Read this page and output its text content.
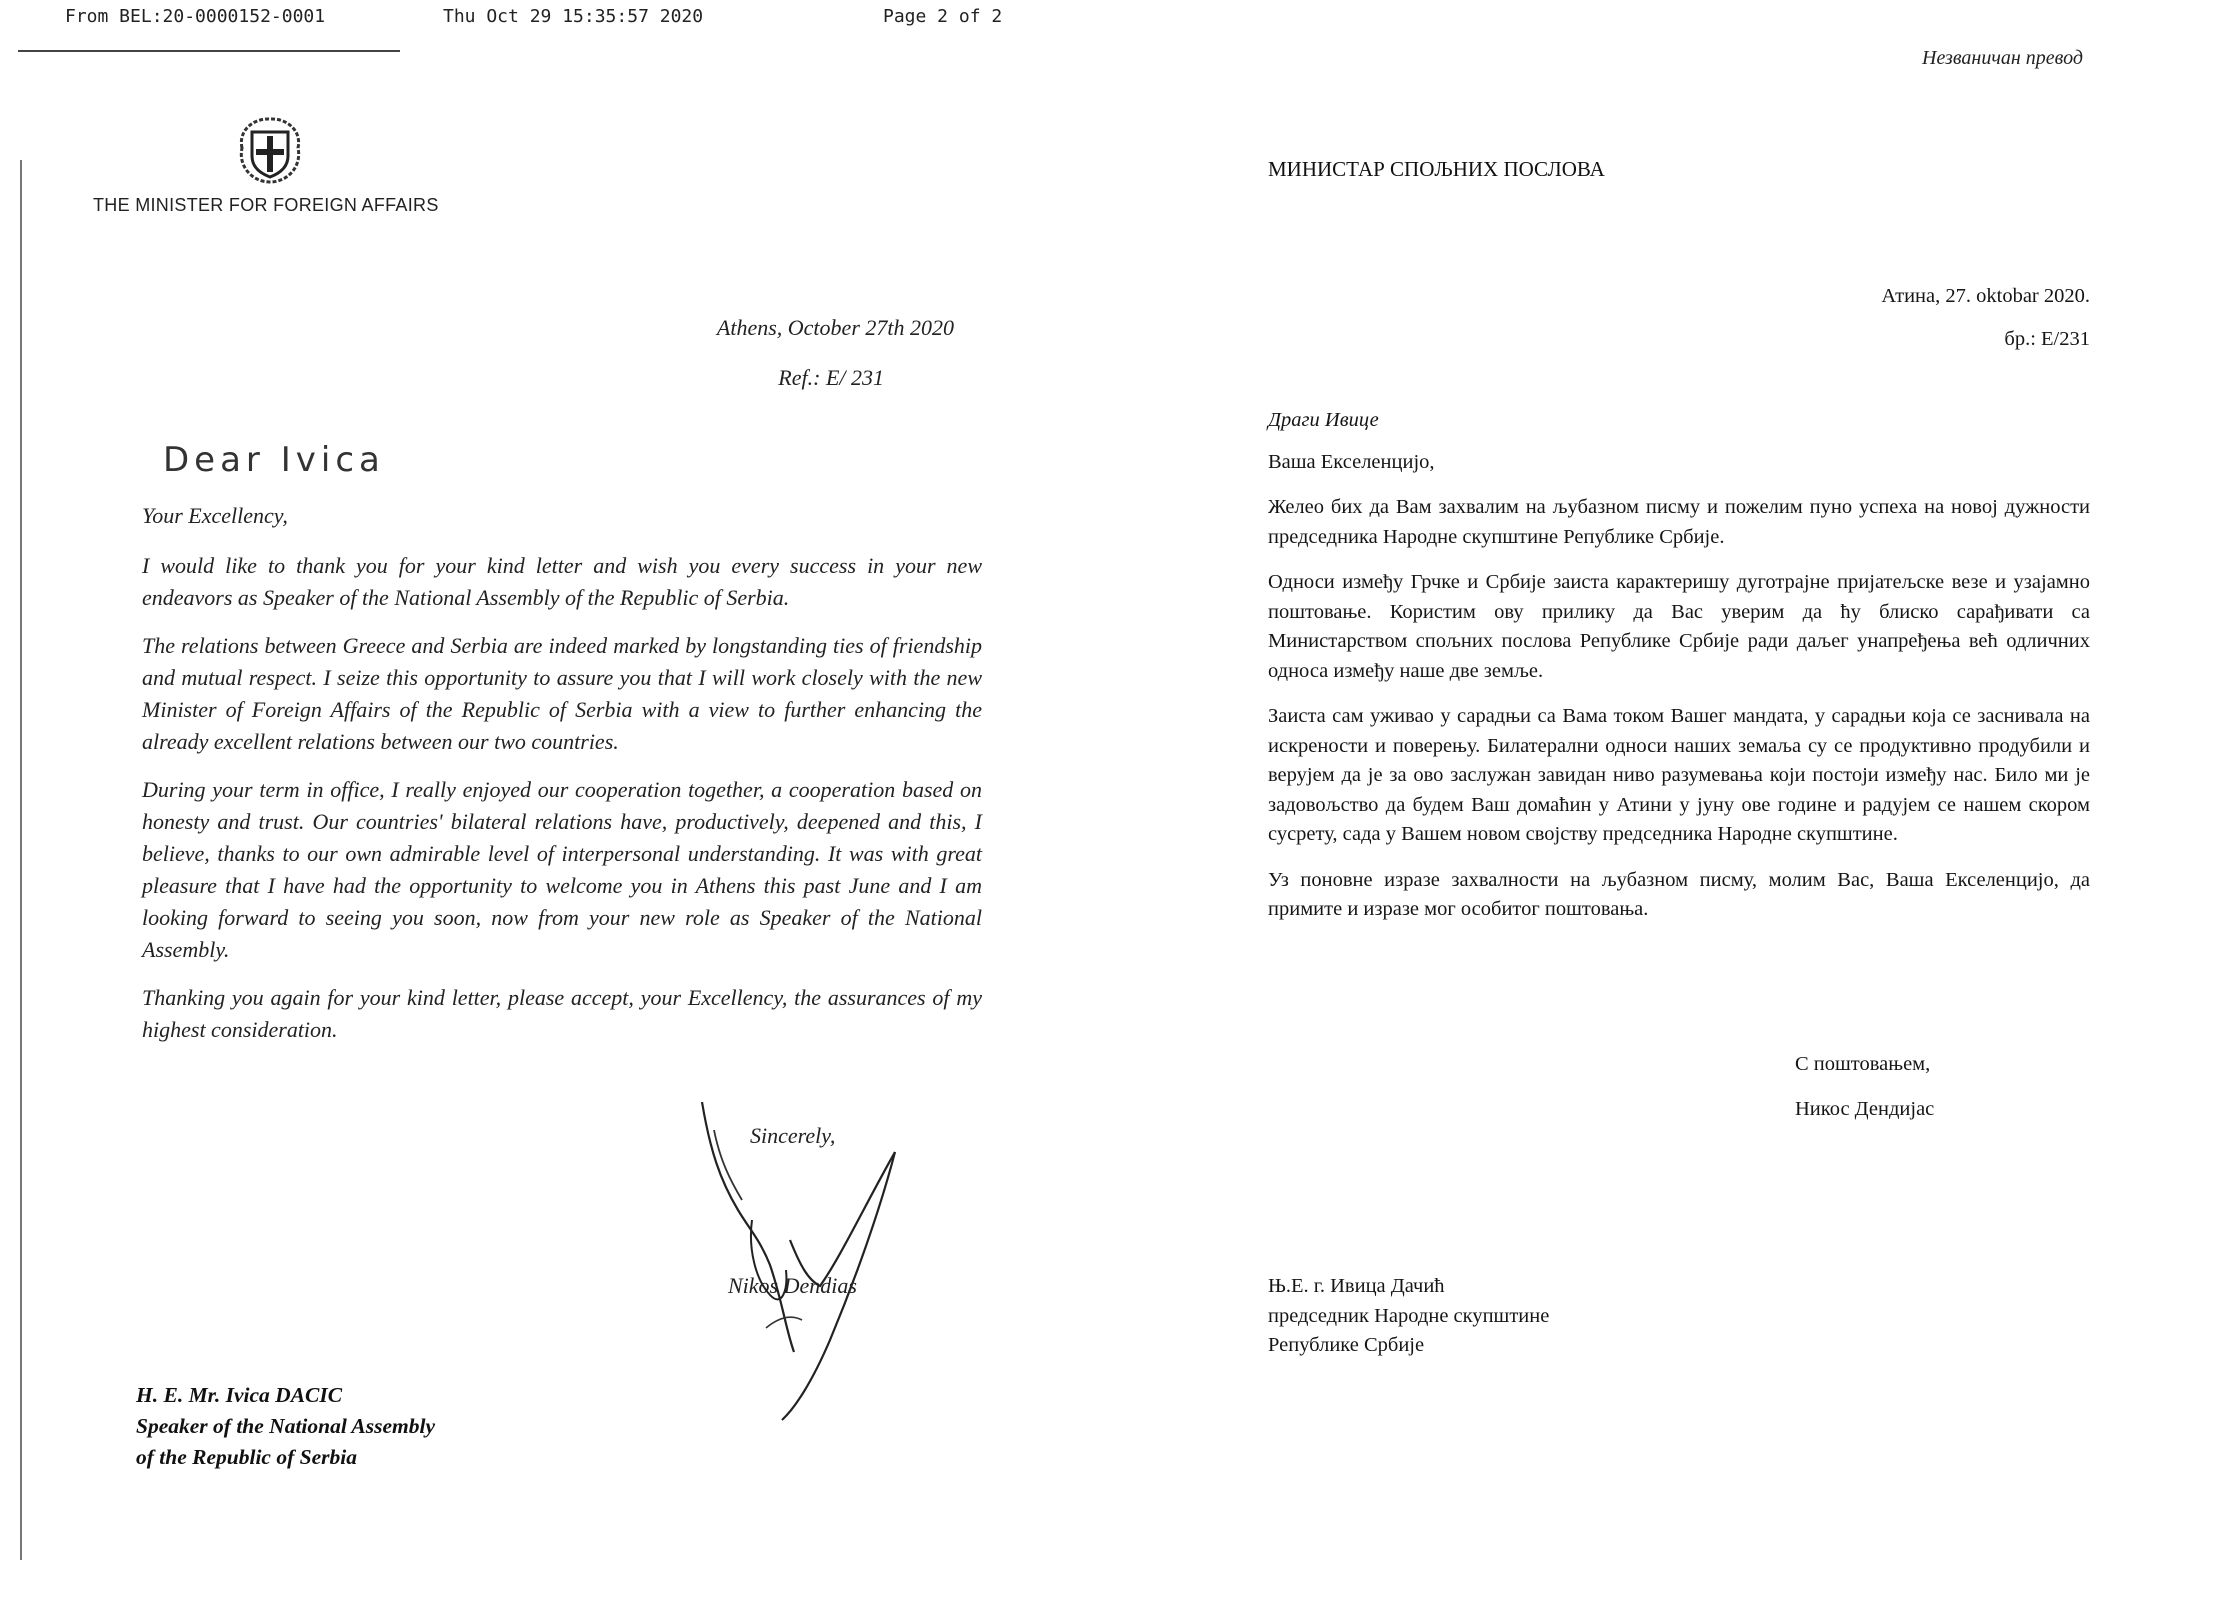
From BEL:20-0000152-0001	Thu Oct 29 15:35:57 2020	Page 2 of 2
THE MINISTER FOR FOREIGN AFFAIRS
Athens, October 27th 2020
Ref.: E/ 231
Dear Ivica

Your Excellency,

I would like to thank you for your kind letter and wish you every success in your new endeavors as Speaker of the National Assembly of the Republic of Serbia.

The relations between Greece and Serbia are indeed marked by longstanding ties of friendship and mutual respect. I seize this opportunity to assure you that I will work closely with the new Minister of Foreign Affairs of the Republic of Serbia with a view to further enhancing the already excellent relations between our two countries.

During your term in office, I really enjoyed our cooperation together, a cooperation based on honesty and trust. Our countries' bilateral relations have, productively, deepened and this, I believe, thanks to our own admirable level of interpersonal understanding. It was with great pleasure that I have had the opportunity to welcome you in Athens this past June and I am looking forward to seeing you soon, now from your new role as Speaker of the National Assembly.

Thanking you again for your kind letter, please accept, your Excellency, the assurances of my highest consideration.

Sincerely,
Nikos Dendias
H. E. Mr. Ivica DACIC
Speaker of the National Assembly
of the Republic of Serbia
Незваничан превод
МИНИСТАР СПОЉНИХ ПОСЛОВА
Атина, 27. oktobar 2020.
бр.: E/231

Драги Ивице

Ваша Екселенцијо,

Желео бих да Вам захвалим на љубазном писму и пожелим пуно успеха на новој дужности председника Народне скупштине Републике Србије.

Односи између Грчке и Србије заиста карактеришу дуготрајне пријатељске везе и узајамно поштовање. Користим ову прилику да Вас уверим да ћу блиско сарађивати са Министарством спољних послова Републике Србије ради даљег унапређења већ одличних односа између наше две земље.

Заиста сам уживао у сарадњи са Вама током Вашег мандата, у сарадњи која се заснивала на искрености и поверењу. Билатерални односи наших земаља су се продуктивно продубили и верујем да је за ово заслужан завидан ниво разумевања који постоји између нас. Било ми је задовољство да будем Ваш домаћин у Атини у јуну ове године и радујем се нашем скором сусрету, сада у Вашем новом својству председника Народне скупштине.

Уз поновне изразе захвалности на љубазном писму, молим Вас, Ваша Екселенцијо, да примите и изразе мог особитог поштовања.

С поштовањем,
Никос Дендијас
Њ.Е. г. Ивица Дачић
председник Народне скупштине
Републике Србије
